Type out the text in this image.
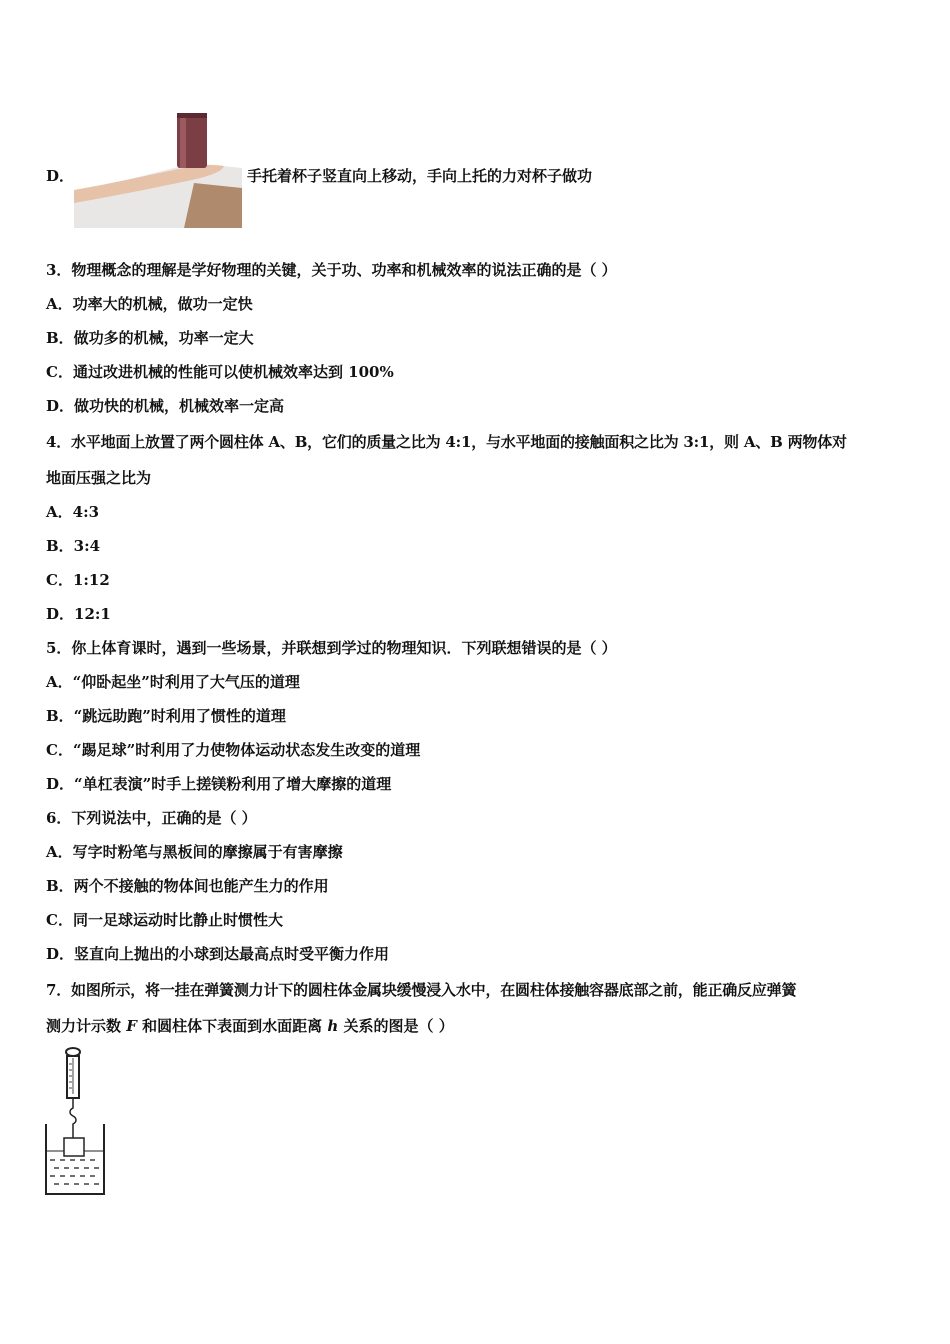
D．	手托着杯子竖直向上移动，手向上托的力对杯子做功
3．物理概念的理解是学好物理的关键，关于功、功率和机械效率的说法正确的是（ ）
A．功率大的机械，做功一定快
B．做功多的机械，功率一定大
C．通过改进机械的性能可以使机械效率达到 100%
D．做功快的机械，机械效率一定高
4．水平地面上放置了两个圆柱体 A、B，它们的质量之比为 4:1，与水平地面的接触面积之比为 3:1，则 A、B 两物体对
地面压强之比为
A．4:3
B．3:4
C．1:12
D．12:1
5．你上体育课时，遇到一些场景，并联想到学过的物理知识．下列联想错误的是（ ）
A．“仰卧起坐”时利用了大气压的道理
B．“跳远助跑”时利用了惯性的道理
C．“踢足球”时利用了力使物体运动状态发生改变的道理
D．“单杠表演”时手上搓镁粉利用了增大摩擦的道理
6．下列说法中，正确的是（ ）
A．写字时粉笔与黑板间的摩擦属于有害摩擦
B．两个不接触的物体间也能产生力的作用
C．同一足球运动时比静止时惯性大
D．竖直向上抛出的小球到达最高点时受平衡力作用
7．如图所示，将一挂在弹簧测力计下的圆柱体金属块缓慢浸入水中，在圆柱体接触容器底部之前，能正确反应弹簧
测力计示数 F 和圆柱体下表面到水面距离 h 关系的图是（ ）
